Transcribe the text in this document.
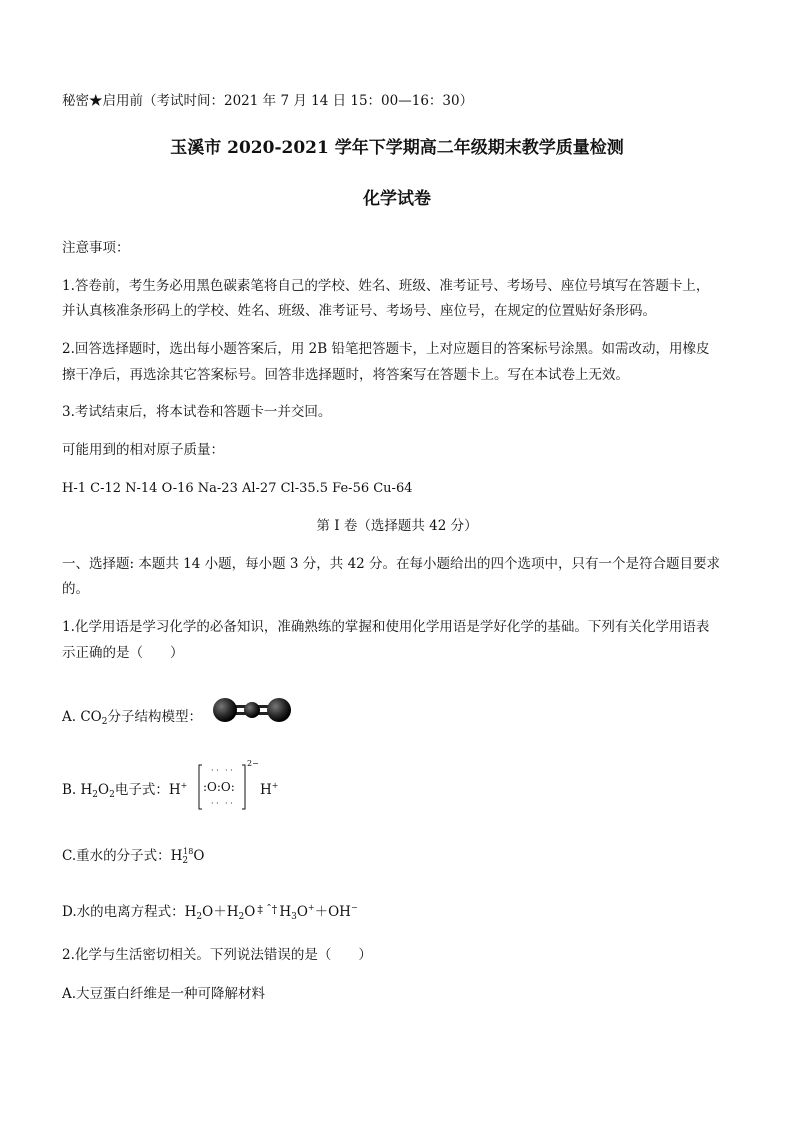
秘密★启用前（考试时间：2021 年 7 月 14 日 15：00—16：30）
玉溪市 2020-2021 学年下学期高二年级期末教学质量检测
化学试卷
注意事项：
1.答卷前，考生务必用黑色碳素笔将自己的学校、姓名、班级、准考证号、考场号、座位号填写在答题卡上，
并认真核准条形码上的学校、姓名、班级、准考证号、考场号、座位号，在规定的位置贴好条形码。
2.回答选择题时，选出每小题答案后，用 2B 铅笔把答题卡，上对应题目的答案标号涂黑。如需改动，用橡皮
擦干净后，再选涂其它答案标号。回答非选择题时，将答案写在答题卡上。写在本试卷上无效。
3.考试结束后，将本试卷和答题卡一并交回。
可能用到的相对原子质量：
H-1 C-12 N-14 O-16 Na-23 Al-27 Cl-35.5 Fe-56 Cu-64
第 I 卷（选择题共 42 分）
一、选择题: 本题共 14 小题，每小题 3 分，共 42 分。在每小题给出的四个选项中，只有一个是符合题目要求
的。
1.化学用语是学习化学的必备知识，准确熟练的掌握和使用化学用语是学好化学的基础。下列有关化学用语表
示正确的是（　　）
A. $CO_2$分子结构模型：
B. $H_2O_2$电子式：H+
· · · ·
:O:O:
· · · ·
2−
H+
C.重水的分子式：$H_2^{18}O$
D.水的电离方程式：$H_2O+H_2O$ ‡ ˆ† $H_3O^++OH^-$
2.化学与生活密切相关。下列说法错误的是（　　）
A.大豆蛋白纤维是一种可降解材料
